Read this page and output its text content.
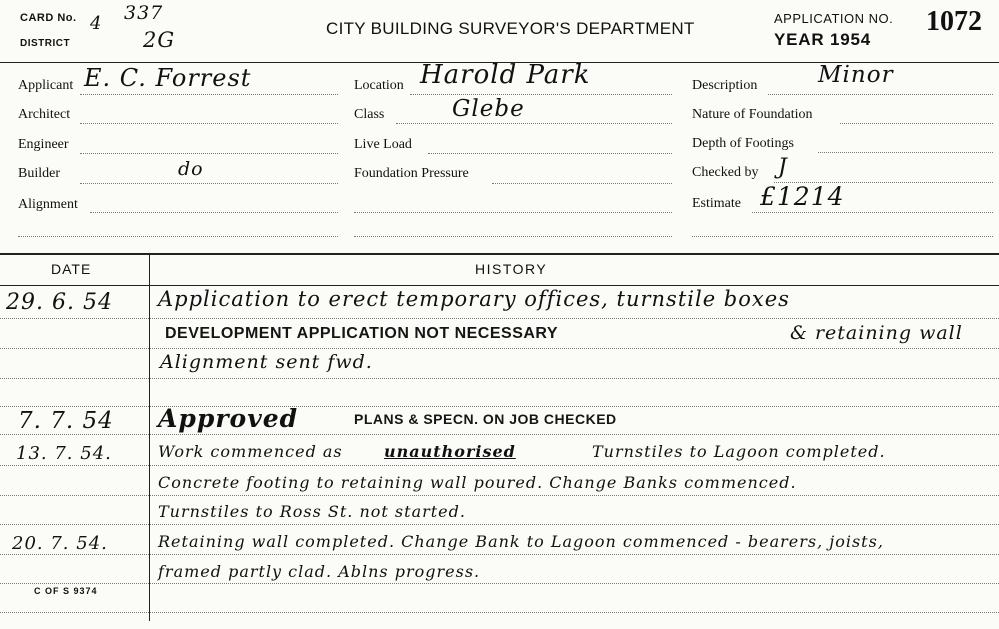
CARD No. 4 337
DISTRICT	2G	CITY BUILDING SURVEYOR'S DEPARTMENT
APPLICATION NO.
YEAR 1954
1072
Applicant E. C. Forrest
Architect
Engineer
Builder	do
Alignment
Location Harold Park
Class	Glebe
Live Load
Foundation Pressure
Description	Minor
Nature of Foundation
Depth of Footings
Checked by J
Estimate £1214
DATE	HISTORY
29. 6. 54 Application to erect temporary offices, turnstile boxes
DEVELOPMENT APPLICATION NOT NECESSARY	& retaining wall
Alignment sent fwd.
7. 7. 54 Approved	PLANS & SPECN. ON JOB CHECKED
13. 7. 54.	Work commenced as	unauthorised	Turnstiles to Lagoon completed.
Concrete footing to retaining wall poured. Change Banks commenced.
Turnstiles to Ross St. not started.
20. 7. 54.	Retaining wall completed. Change Bank to Lagoon commenced - bearers, joists,
framed partly clad. Ablns progress.
C OF S 9374
